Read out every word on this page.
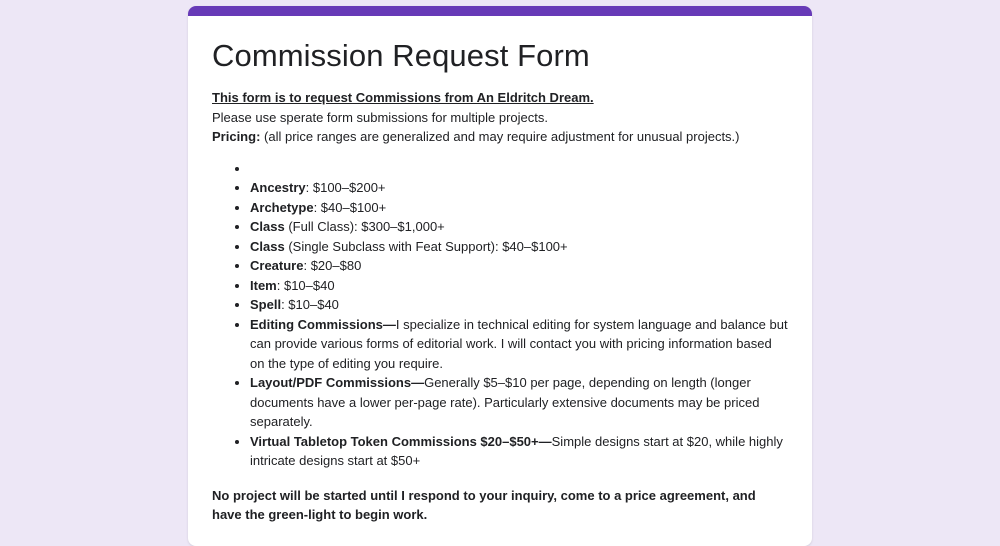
Commission Request Form
This form is to request Commissions from An Eldritch Dream.
Please use sperate form submissions for multiple projects.
Pricing: (all price ranges are generalized and may require adjustment for unusual projects.)
•
• Ancestry: $100–$200+
• Archetype: $40–$100+
• Class (Full Class): $300–$1,000+
• Class (Single Subclass with Feat Support): $40–$100+
• Creature: $20–$80
• Item: $10–$40
• Spell: $10–$40
• Editing Commissions—I specialize in technical editing for system language and balance but can provide various forms of editorial work. I will contact you with pricing information based on the type of editing you require.
• Layout/PDF Commissions—Generally $5–$10 per page, depending on length (longer documents have a lower per-page rate). Particularly extensive documents may be priced separately.
• Virtual Tabletop Token Commissions $20–$50+—Simple designs start at $20, while highly intricate designs start at $50+
No project will be started until I respond to your inquiry, come to a price agreement, and have the green-light to begin work.
